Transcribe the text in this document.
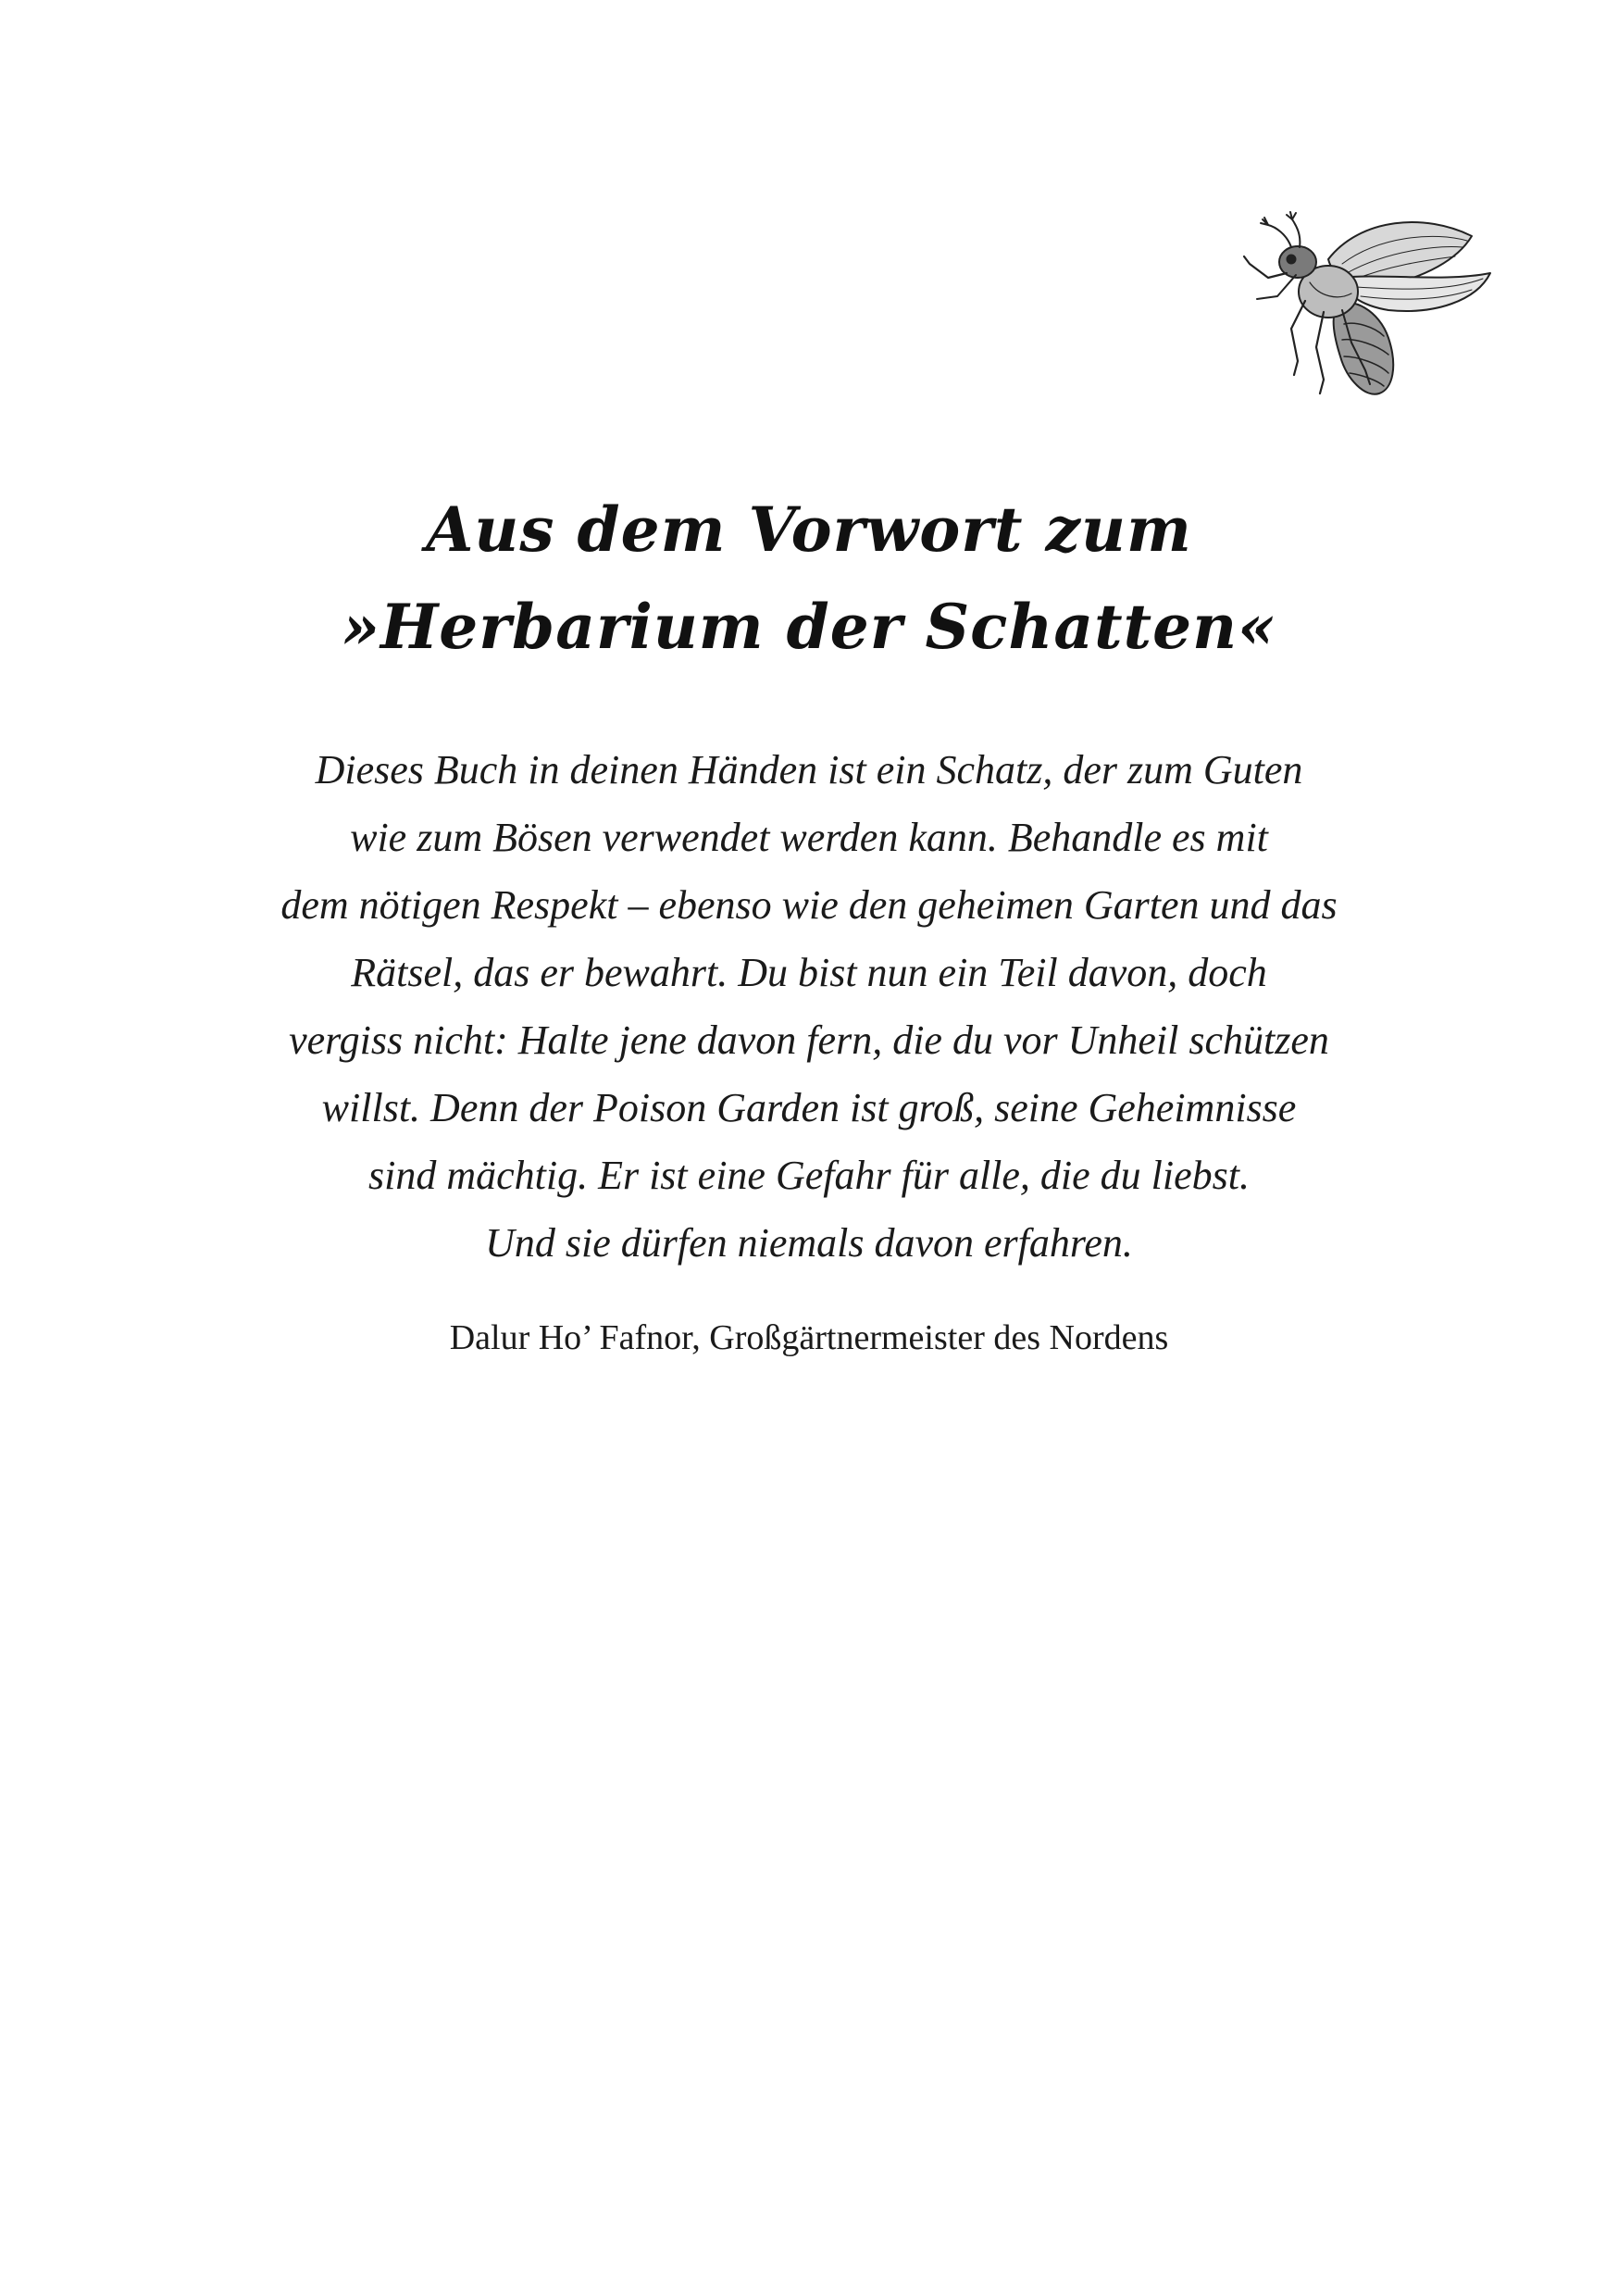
Aus dem Vorwort zum
»Herbarium der Schatten«
Dieses Buch in deinen Händen ist ein Schatz, der zum Guten
wie zum Bösen verwendet werden kann. Behandle es mit
dem nötigen Respekt – ebenso wie den geheimen Garten und das
Rätsel, das er bewahrt. Du bist nun ein Teil davon, doch
vergiss nicht: Halte jene davon fern, die du vor Unheil schützen
willst. Denn der Poison Garden ist groß, seine Geheimnisse
sind mächtig. Er ist eine Gefahr für alle, die du liebst.
Und sie dürfen niemals davon erfahren.
Dalur Ho’ Fafnor, Großgärtnermeister des Nordens
